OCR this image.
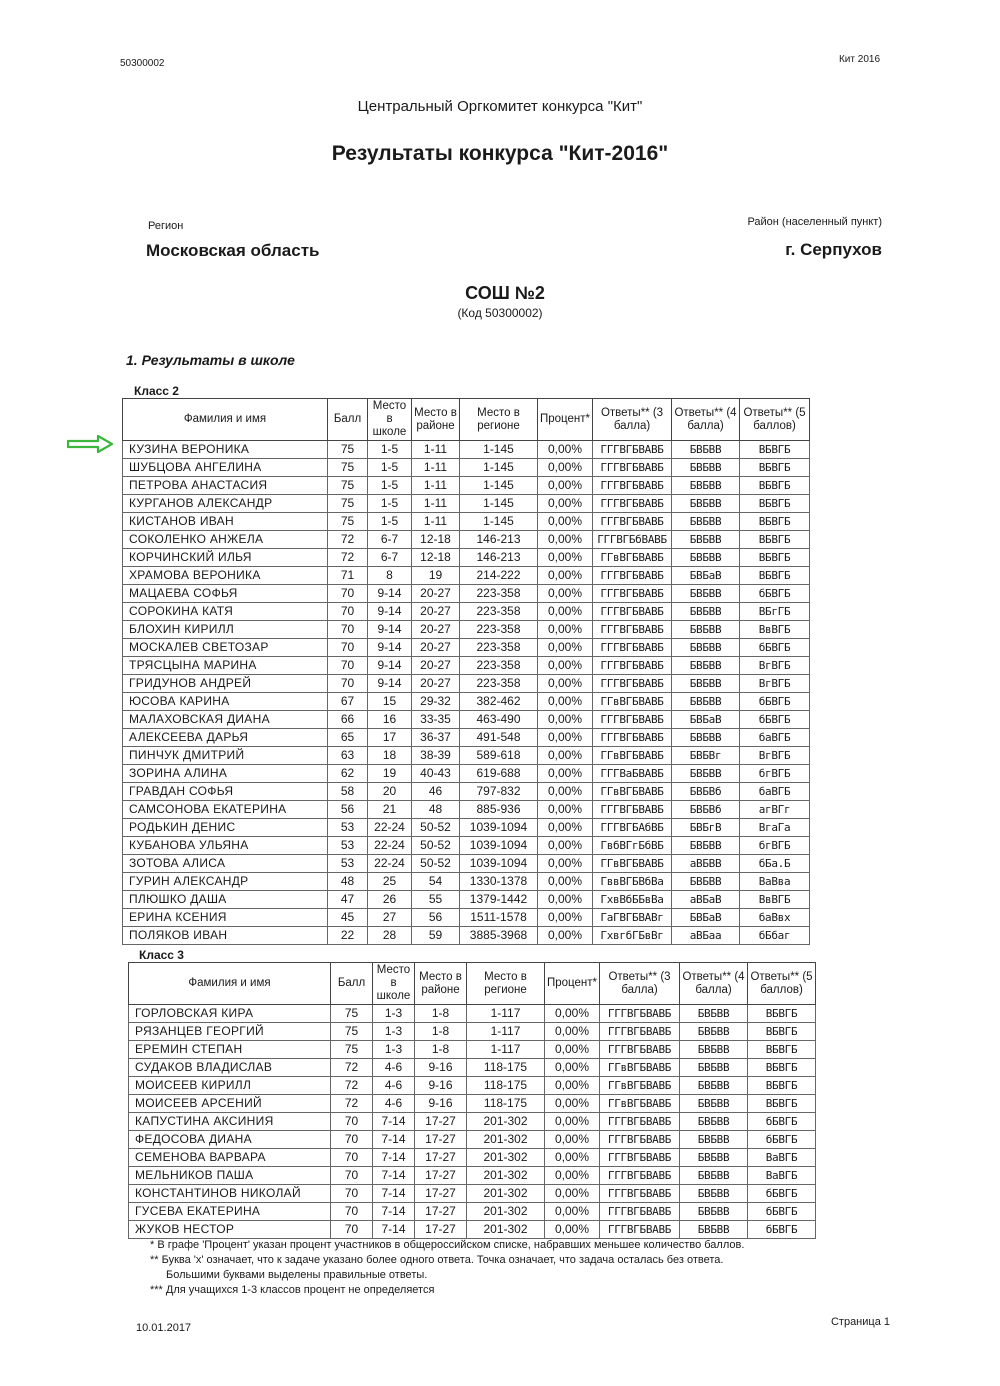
50300002	Кит 2016
Центральный Оргкомитет конкурса "Кит"
Результаты конкурса "Кит-2016"
Регион
Московская область
Район (населенный пункт)
г. Серпухов
СОШ №2
(Код 50300002)
1. Результаты в школе
Класс 2
Фамилия и имя	Балл	Место в школе	Место в районе	Место в регионе	Процент*	Ответы** (3 балла)	Ответы** (4 балла)	Ответы** (5 баллов)
КУЗИНА ВЕРОНИКА	75	1-5	1-11	1-145	0,00%	ГГГВГБВАВБ	БВБВВ	ВБВГБ
ШУБЦОВА АНГЕЛИНА	75	1-5	1-11	1-145	0,00%	ГГГВГБВАВБ	БВБВВ	ВБВГБ
ПЕТРОВА АНАСТАСИЯ	75	1-5	1-11	1-145	0,00%	ГГГВГБВАВБ	БВБВВ	ВБВГБ
КУРГАНОВ АЛЕКСАНДР	75	1-5	1-11	1-145	0,00%	ГГГВГБВАВБ	БВБВВ	ВБВГБ
КИСТАНОВ ИВАН	75	1-5	1-11	1-145	0,00%	ГГГВГБВАВБ	БВБВВ	ВБВГБ
СОКОЛЕНКО АНЖЕЛА	72	6-7	12-18	146-213	0,00%	ГГГВГБбВАВБ	БВБВВ	ВБВГБ
КОРЧИНСКИЙ ИЛЬЯ	72	6-7	12-18	146-213	0,00%	ГГвВГБВАВБ	БВБВВ	ВБВГБ
ХРАМОВА ВЕРОНИКА	71	8	19	214-222	0,00%	ГГГВГБВАВБ	БВБаВ	ВБВГБ
МАЦАЕВА СОФЬЯ	70	9-14	20-27	223-358	0,00%	ГГГВГБВАВБ	БВБВВ	бБВГБ
СОРОКИНА КАТЯ	70	9-14	20-27	223-358	0,00%	ГГГВГБВАВБ	БВБВВ	ВБгГБ
БЛОХИН КИРИЛЛ	70	9-14	20-27	223-358	0,00%	ГГГВГБВАВБ	БВБВВ	ВвВГБ
МОСКАЛЕВ СВЕТОЗАР	70	9-14	20-27	223-358	0,00%	ГГГВГБВАВБ	БВБВВ	бБВГБ
ТРЯСЦЫНА МАРИНА	70	9-14	20-27	223-358	0,00%	ГГГВГБВАВБ	БВБВВ	ВгВГБ
ГРИДУНОВ АНДРЕЙ	70	9-14	20-27	223-358	0,00%	ГГГВГБВАВБ	БВБВВ	ВгВГБ
ЮСОВА КАРИНА	67	15	29-32	382-462	0,00%	ГГвВГБВАВБ	БВБВВ	бБВГБ
МАЛАХОВСКАЯ ДИАНА	66	16	33-35	463-490	0,00%	ГГГВГБВАВБ	БВБаВ	бБВГБ
АЛЕКСЕЕВА ДАРЬЯ	65	17	36-37	491-548	0,00%	ГГГВГБВАВБ	БВБВВ	баВГБ
ПИНЧУК ДМИТРИЙ	63	18	38-39	589-618	0,00%	ГГвВГБВАВБ	БВБВг	ВгВГБ
ЗОРИНА АЛИНА	62	19	40-43	619-688	0,00%	ГГГВаБВАВБ	БВБВВ	бгВГБ
ГРАВДАН СОФЬЯ	58	20	46	797-832	0,00%	ГГвВГБВАВБ	БВБВб	баВГБ
САМСОНОВА ЕКАТЕРИНА	56	21	48	885-936	0,00%	ГГГВГБВАВБ	БВБВб	агВГг
РОДЬКИН ДЕНИС	53	22-24	50-52	1039-1094	0,00%	ГГГВГБАбВБ	БВБгВ	ВгаГа
КУБАНОВА УЛЬЯНА	53	22-24	50-52	1039-1094	0,00%	ГвбВГгБбВБ	БВБВВ	бгВГБ
ЗОТОВА АЛИСА	53	22-24	50-52	1039-1094	0,00%	ГГвВГБВАВБ	аВБВВ	бБа.Б
ГУРИН АЛЕКСАНДР	48	25	54	1330-1378	0,00%	ГввВГБВбВа	БВБВВ	ВаВва
ПЛЮШКО ДАША	47	26	55	1379-1442	0,00%	ГхвВбББвВа	аВБаВ	ВвВГБ
ЕРИНА КСЕНИЯ	45	27	56	1511-1578	0,00%	ГаГВГБВАВг	БВБаВ	баВвх
ПОЛЯКОВ ИВАН	22	28	59	3885-3968	0,00%	ГхвгбГБвВг	аВБаа	бБбаг
Класс 3
Фамилия и имя	Балл	Место в школе	Место в районе	Место в регионе	Процент*	Ответы** (3 балла)	Ответы** (4 балла)	Ответы** (5 баллов)
ГОРЛОВСКАЯ КИРА	75	1-3	1-8	1-117	0,00%	ГГГВГБВАВБ	БВБВВ	ВБВГБ
РЯЗАНЦЕВ ГЕОРГИЙ	75	1-3	1-8	1-117	0,00%	ГГГВГБВАВБ	БВБВВ	ВБВГБ
ЕРЕМИН СТЕПАН	75	1-3	1-8	1-117	0,00%	ГГГВГБВАВБ	БВБВВ	ВБВГБ
СУДАКОВ ВЛАДИСЛАВ	72	4-6	9-16	118-175	0,00%	ГГвВГБВАВБ	БВБВВ	ВБВГБ
МОИСЕЕВ КИРИЛЛ	72	4-6	9-16	118-175	0,00%	ГГвВГБВАВБ	БВБВВ	ВБВГБ
МОИСЕЕВ АРСЕНИЙ	72	4-6	9-16	118-175	0,00%	ГГвВГБВАВБ	БВБВВ	ВБВГБ
КАПУСТИНА АКСИНИЯ	70	7-14	17-27	201-302	0,00%	ГГГВГБВАВБ	БВБВВ	бБВГБ
ФЕДОСОВА ДИАНА	70	7-14	17-27	201-302	0,00%	ГГГВГБВАВБ	БВБВВ	бБВГБ
СЕМЕНОВА ВАРВАРА	70	7-14	17-27	201-302	0,00%	ГГГВГБВАВБ	БВБВВ	ВаВГБ
МЕЛЬНИКОВ ПАША	70	7-14	17-27	201-302	0,00%	ГГГВГБВАВБ	БВБВВ	ВаВГБ
КОНСТАНТИНОВ НИКОЛАЙ	70	7-14	17-27	201-302	0,00%	ГГГВГБВАВБ	БВБВВ	бБВГБ
ГУСЕВА ЕКАТЕРИНА	70	7-14	17-27	201-302	0,00%	ГГГВГБВАВБ	БВБВВ	бБВГБ
ЖУКОВ НЕСТОР	70	7-14	17-27	201-302	0,00%	ГГГВГБВАВБ	БВБВВ	бБВГБ
* В графе 'Процент' указан процент участников в общероссийском списке, набравших меньшее количество баллов.
** Буква 'х' означает, что к задаче указано более одного ответа. Точка означает, что задача осталась без ответа.
Большими буквами выделены правильные ответы.
*** Для учащихся 1-3 классов процент не определяется
10.01.2017	Страница 1
